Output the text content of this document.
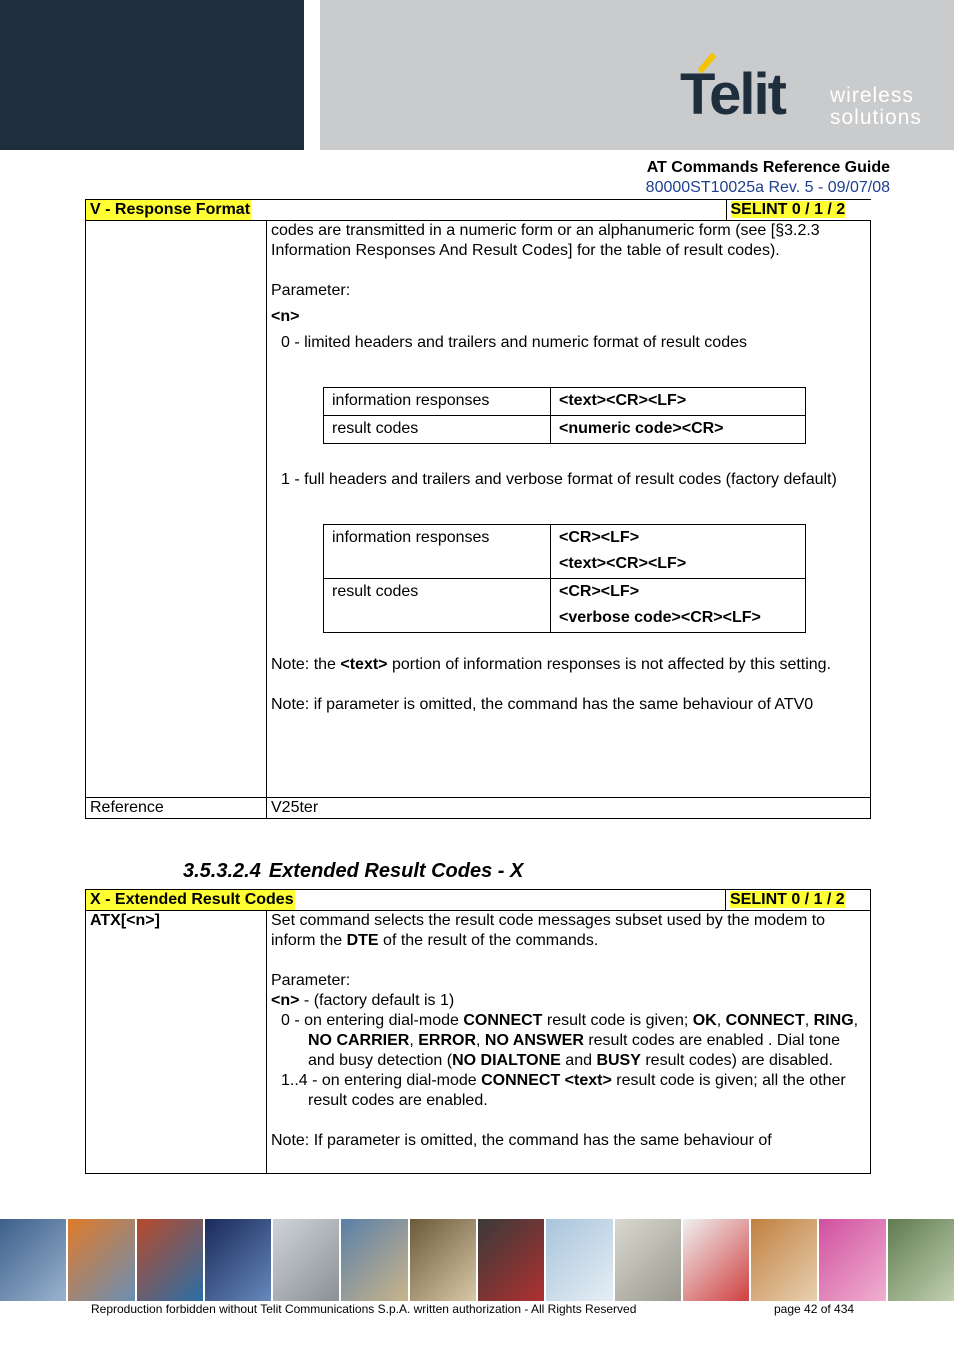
Telit wireless
solutions
AT Commands Reference Guide
80000ST10025a Rev. 5 - 09/07/08
V - Response Format	SELINT 0 / 1 / 2

codes are transmitted in a numeric form or an alphanumeric form (see [§3.2.3 Information Responses And Result Codes] for the table of result codes).

Parameter:

<n>

0 - limited headers and trailers and numeric format of result codes

information responses	<text><CR><LF>
result codes	<numeric code><CR>

1 - full headers and trailers and verbose format of result codes (factory default)

information responses	<CR><LF>
<text><CR><LF>

result codes	<CR><LF>
<verbose code><CR><LF>

Note: the <text> portion of information responses is not affected by this setting.

Note: if parameter is omitted, the command has the same behaviour of ATV0

Reference	V25ter
3.5.3.2.4 Extended Result Codes - X
X - Extended Result Codes	SELINT 0 / 1 / 2

ATX[<n>]	Set command selects the result code messages subset used by the modem to inform the DTE of the result of the commands.

Parameter:

<n> - (factory default is 1)

0 - on entering dial-mode CONNECT result code is given; OK, CONNECT, RING, NO CARRIER, ERROR, NO ANSWER result codes are enabled . Dial tone and busy detection (NO DIALTONE and BUSY result codes) are disabled.

1..4 - on entering dial-mode CONNECT <text> result code is given; all the other result codes are enabled.

Note: If parameter is omitted, the command has the same behaviour of

Reproduction forbidden without Telit Communications S.p.A. written authorization - All Rights Reserved	page 42 of 434
